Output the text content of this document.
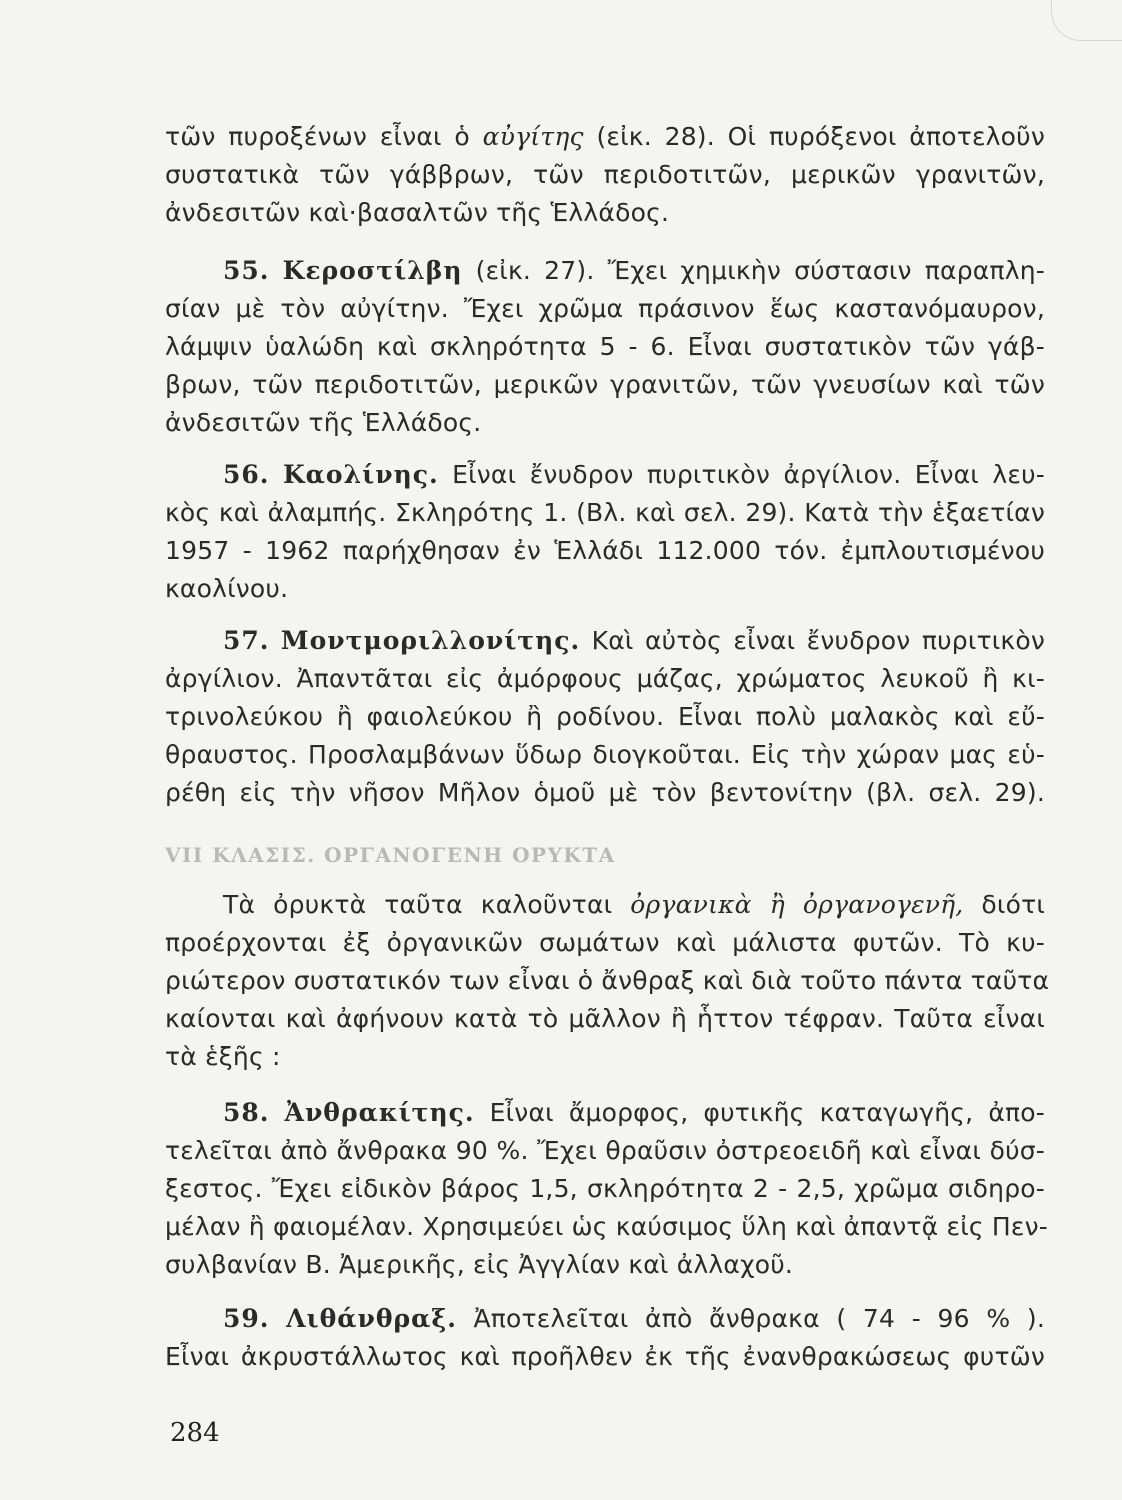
τῶν πυροξένων εἶναι ὁ αὐγίτης (εἰκ. 28). Οἱ πυρόξενοι ἀποτελοῦν
συστατικὰ τῶν γάββρων, τῶν περιδοτιτῶν, μερικῶν γρανιτῶν,
ἀνδεσιτῶν καὶ·βασαλτῶν τῆς Ἑλλάδος.
55. Κεροστίλβη (εἰκ. 27). Ἔχει χημικὴν σύστασιν παραπλη-
σίαν μὲ τὸν αὐγίτην. Ἔχει χρῶμα πράσινον ἕως καστανόμαυρον,
λάμψιν ὑαλώδη καὶ σκληρότητα 5 - 6. Εἶναι συστατικὸν τῶν γάβ-
βρων, τῶν περιδοτιτῶν, μερικῶν γρανιτῶν, τῶν γνευσίων καὶ τῶν
ἀνδεσιτῶν τῆς Ἑλλάδος.
56. Καολίνης. Εἶναι ἔνυδρον πυριτικὸν ἀργίλιον. Εἶναι λευ-
κὸς καὶ ἀλαμπής. Σκληρότης 1. (Βλ. καὶ σελ. 29). Κατὰ τὴν ἑξαετίαν
1957 - 1962 παρήχθησαν ἐν Ἑλλάδι 112.000 τόν. ἐμπλουτισμένου
καολίνου.
57. Μοντμοριλλονίτης. Καὶ αὐτὸς εἶναι ἔνυδρον πυριτικὸν
ἀργίλιον. Ἀπαντᾶται εἰς ἀμόρφους μάζας, χρώματος λευκοῦ ἢ κι-
τρινολεύκου ἢ φαιολεύκου ἢ ροδίνου. Εἶναι πολὺ μαλακὸς καὶ εὔ-
θραυστος. Προσλαμβάνων ὕδωρ διογκοῦται. Εἰς τὴν χώραν μας εὑ-
ρέθη εἰς τὴν νῆσον Μῆλον ὁμοῦ μὲ τὸν βεντονίτην (βλ. σελ. 29).
VII ΚΛΑΣΙΣ. ΟΡΓΑΝΟΓΕΝΗ ΟΡΥΚΤΑ
Τὰ ὀρυκτὰ ταῦτα καλοῦνται ὀργανικὰ ἢ ὀργανογενῆ, διότι
προέρχονται ἐξ ὀργανικῶν σωμάτων καὶ μάλιστα φυτῶν. Τὸ κυ-
ριώτερον συστατικόν των εἶναι ὁ ἄνθραξ καὶ διὰ τοῦτο πάντα ταῦτα
καίονται καὶ ἀφήνουν κατὰ τὸ μᾶλλον ἢ ἧττον τέφραν. Ταῦτα εἶναι
τὰ ἑξῆς :
58. Ἀνθρακίτης. Εἶναι ἄμορφος, φυτικῆς καταγωγῆς, ἀπο-
τελεῖται ἀπὸ ἄνθρακα 90 %. Ἔχει θραῦσιν ὀστρεοειδῆ καὶ εἶναι δύσ-
ξεστος. Ἔχει εἰδικὸν βάρος 1,5, σκληρότητα 2 - 2,5, χρῶμα σιδηρο-
μέλαν ἢ φαιομέλαν. Χρησιμεύει ὡς καύσιμος ὕλη καὶ ἀπαντᾷ εἰς Πεν-
συλβανίαν Β. Ἀμερικῆς, εἰς Ἀγγλίαν καὶ ἀλλαχοῦ.
59. Λιθάνθραξ. Ἀποτελεῖται ἀπὸ ἄνθρακα ( 74 - 96 % ).
Εἶναι ἀκρυστάλλωτος καὶ προῆλθεν ἐκ τῆς ἐνανθρακώσεως φυτῶν
284
